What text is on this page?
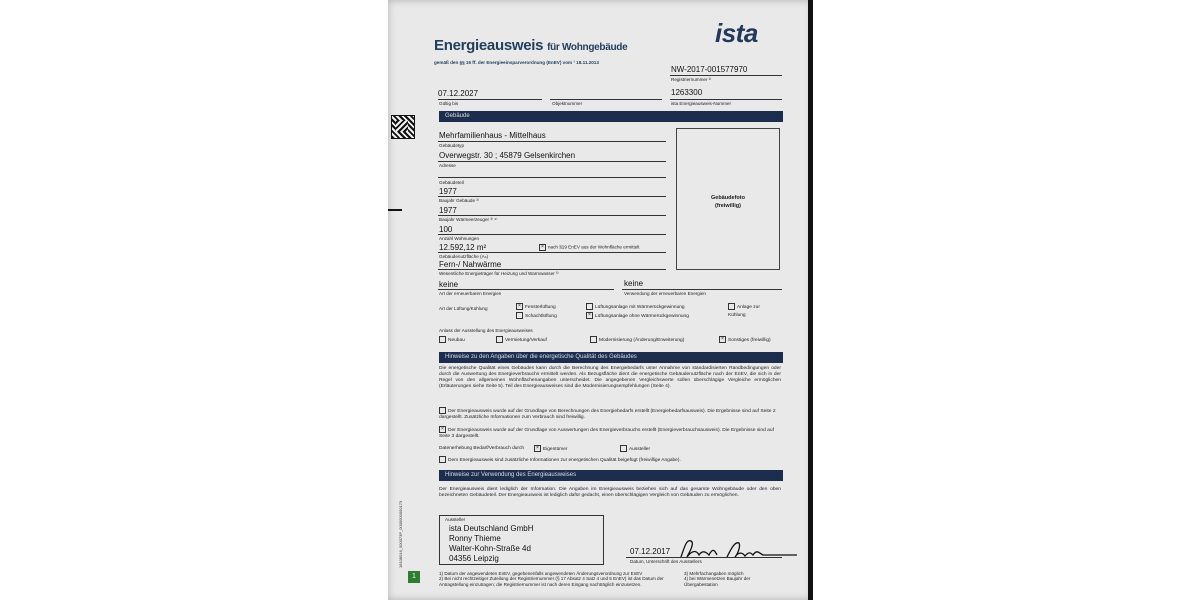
18108016_000073P_0000000000173
1
ista
Energieausweis für Wohngebäude
gemäß den §§ 16 ff. der Energieeinsparverordnung (EnEV) vom ¹ 18.11.2013
NW-2017-001577970
Registriernummer ²⁾
07.12.2027
Gültig bis	Objektnummer
1263300
ista Energieausweis-Nummer
Gebäude
Mehrfamilienhaus - Mittelhaus
Gebäudetyp
Overwegstr. 30 ; 45879 Gelsenkirchen
Adresse
Gebäudeteil
1977
Baujahr Gebäude ³⁾
1977
Baujahr Wärmeerzeuger ³⁾ ⁴⁾
100
Anzahl Wohnungen
12.592,12 m²	× nach §19 EnEV aus der Wohnfläche ermittelt
Gebäudenutzfläche (Aₙ)
Fern-/ Nahwärme
Wesentliche Energieträger für Heizung und Warmwasser ³⁾
Gebäudefoto
(freiwillig)
keine
Art der erneuerbaren Energien
keine
Verwendung der erneuerbaren Energien
Art der Lüftung/Kühlung	× Fensterlüftung
Schachtlüftung
Lüftungsanlage mit Wärmerückgewinnung
× Lüftungsanlage ohne Wärmerückgewinnung
Anlage zur Kühlung
Anlass der Ausstellung des Energieausweises
Neubau	Vermietung/Verkauf	Modernisierung (Änderung/Erweiterung)	× Sonstiges (freiwillig)
Hinweise zu den Angaben über die energetische Qualität des Gebäudes
Die energetische Qualität eines Gebäudes kann durch die Berechnung des Energiebedarfs unter Annahme von standardisierten Randbedingungen oder durch die Auswertung des Energieverbrauchs ermittelt werden. Als Bezugsfläche dient die energetische Gebäudenutzfläche nach der EnEV, die sich in der Regel von den allgemeinen Wohnflächenangaben unterscheidet. Die angegebenen Vergleichswerte sollen überschlägige Vergleiche ermöglichen (Erläuterungen siehe Seite 5). Teil des Energieausweises sind die Modernisierungsempfehlungen (Seite 4).
Der Energieausweis wurde auf der Grundlage von Berechnungen des Energiebedarfs erstellt (Energiebedarfsausweis). Die Ergebnisse sind auf Seite 2 dargestellt. Zusätzliche Informationen zum Verbrauch sind freiwillig.
× Der Energieausweis wurde auf der Grundlage von Auswertungen des Energieverbrauchs erstellt (Energieverbrauchsausweis). Die Ergebnisse sind auf Seite 3 dargestellt.
Datenerhebung Bedarf/Verbrauch durch	× Eigentümer	Aussteller
Dem Energieausweis sind zusätzliche Informationen zur energetischen Qualität beigefügt (freiwillige Angabe).
Hinweise zur Verwendung des Energieausweises
Der Energieausweis dient lediglich der Information. Die Angaben im Energieausweis beziehen sich auf das gesamte Wohngebäude oder den oben bezeichneten Gebäudeteil. Der Energieausweis ist lediglich dafür gedacht, einen überschlägigen Vergleich von Gebäuden zu ermöglichen.
Aussteller
ista Deutschland GmbH
Ronny Thieme
Walter-Kohn-Straße 4d
04356 Leipzig
07.12.2017
Datum, Unterschrift des Ausstellers
1) Datum der angewendeten EnEV, gegebenenfalls angewendeten Änderungsverordnung zur EnEV
2) Bei nicht rechtzeitiger Zuteilung der Registriernummer (§ 17 Absatz 4 Satz 4 und 5 EnEV) ist das Datum der Antragstellung einzutragen; die Registriernummer ist nach deren Eingang nachträglich einzusetzen.
3) Mehrfachangaben möglich
4) bei Wärmenetzen Baujahr der Übergabestation
